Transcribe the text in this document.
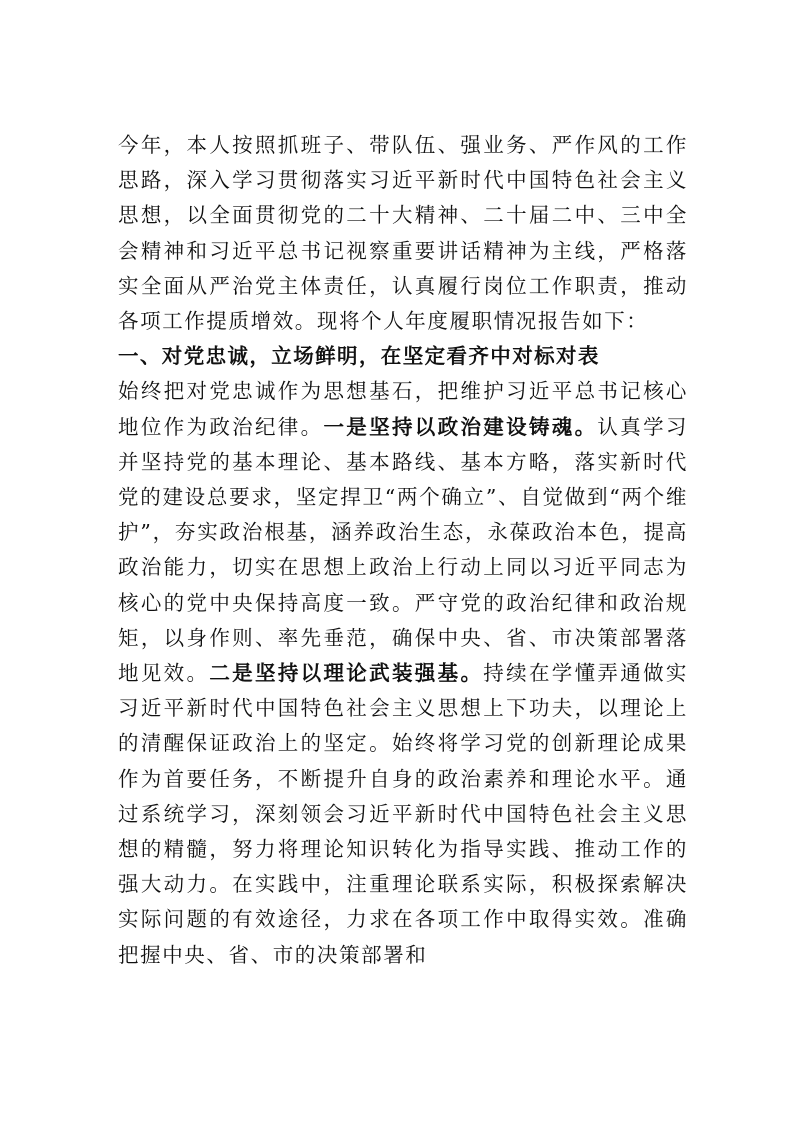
今年，本人按照抓班子、带队伍、强业务、严作风的工作思路，深入学习贯彻落实习近平新时代中国特色社会主义思想，以全面贯彻党的二十大精神、二十届二中、三中全会精神和习近平总书记视察重要讲话精神为主线，严格落实全面从严治党主体责任，认真履行岗位工作职责，推动各项工作提质增效。现将个人年度履职情况报告如下：

一、对党忠诚，立场鲜明，在坚定看齐中对标对表

始终把对党忠诚作为思想基石，把维护习近平总书记核心地位作为政治纪律。一是坚持以政治建设铸魂。认真学习并坚持党的基本理论、基本路线、基本方略，落实新时代党的建设总要求，坚定捍卫“两个确立”、自觉做到“两个维护”，夯实政治根基，涵养政治生态，永葆政治本色，提高政治能力，切实在思想上政治上行动上同以习近平同志为核心的党中央保持高度一致。严守党的政治纪律和政治规矩，以身作则、率先垂范，确保中央、省、市决策部署落地见效。二是坚持以理论武装强基。持续在学懂弄通做实习近平新时代中国特色社会主义思想上下功夫，以理论上的清醒保证政治上的坚定。始终将学习党的创新理论成果作为首要任务，不断提升自身的政治素养和理论水平。通过系统学习，深刻领会习近平新时代中国特色社会主义思想的精髓，努力将理论知识转化为指导实践、推动工作的强大动力。在实践中，注重理论联系实际，积极探索解决实际问题的有效途径，力求在各项工作中取得实效。准确把握中央、省、市的决策部署和
